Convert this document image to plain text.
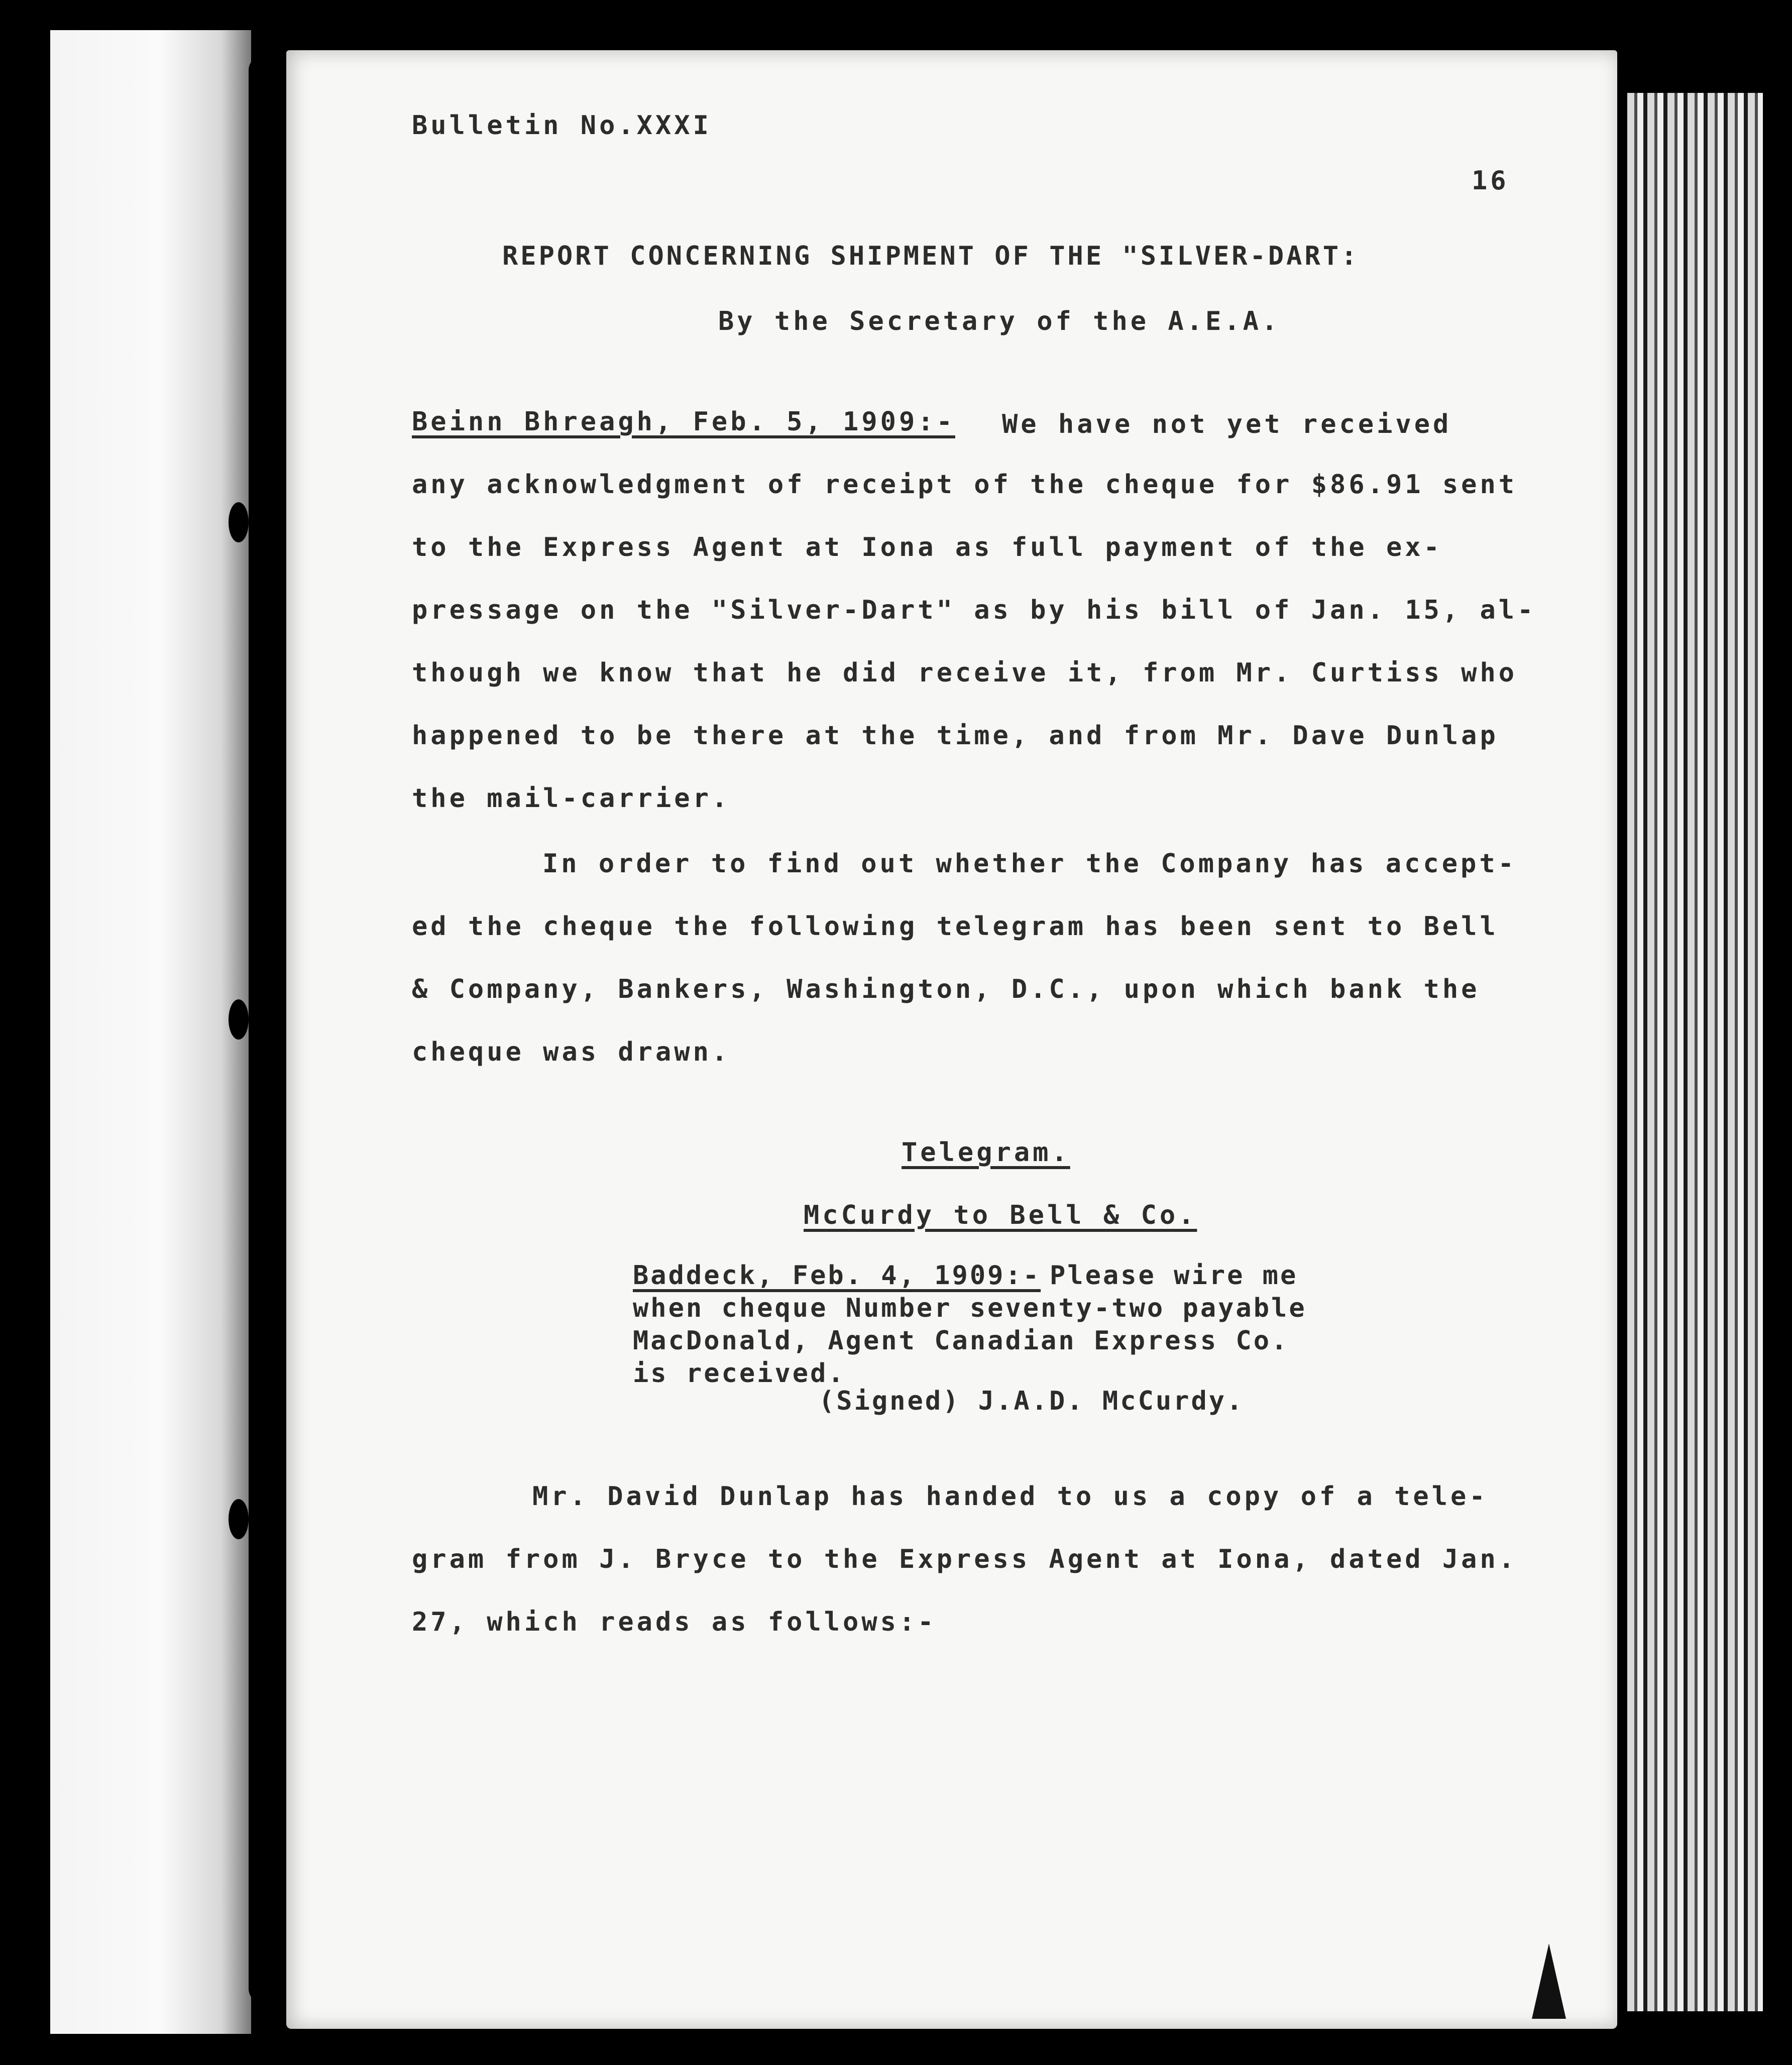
Bulletin No.XXXI

16

REPORT CONCERNING SHIPMENT OF THE "SILVER-DART:

By the Secretary of the A.E.A.

Beinn Bhreagh, Feb. 5, 1909:- We have not yet received

any acknowledgment of receipt of the cheque for $86.91 sent

to the Express Agent at Iona as full payment of the ex-

pressage on the "Silver-Dart" as by his bill of Jan. 15, al-

though we know that he did receive it, from Mr. Curtiss who

happened to be there at the time, and from Mr. Dave Dunlap

the mail-carrier.

In order to find out whether the Company has accept-

ed the cheque the following telegram has been sent to Bell

& Company, Bankers, Washington, D.C., upon which bank the

cheque was drawn.

Telegram.

McCurdy to Bell & Co.

Baddeck, Feb. 4, 1909:- Please wire me

when cheque Number seventy-two payable

MacDonald, Agent Canadian Express Co.

is received.

(Signed) J.A.D. McCurdy.

Mr. David Dunlap has handed to us a copy of a tele-

gram from J. Bryce to the Express Agent at Iona, dated Jan.

27, which reads as follows:-
